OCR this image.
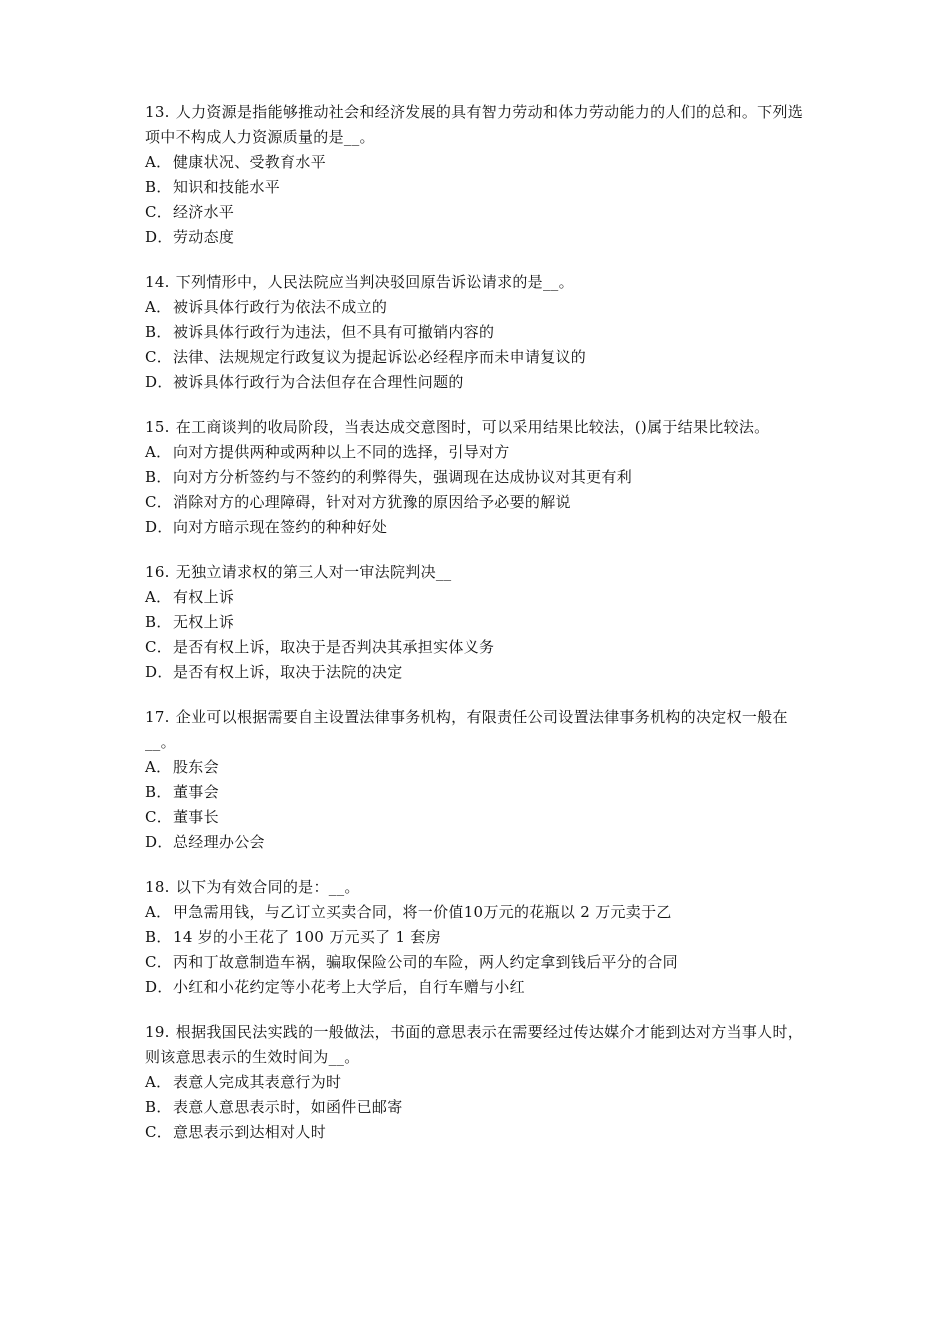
13. 人力资源是指能够推动社会和经济发展的具有智力劳动和体力劳动能力的人们的总和。下列选项中不构成人力资源质量的是__。

A． 健康状况、受教育水平

B．知识和技能水平

C．经济水平

D．劳动态度

14. 下列情形中，人民法院应当判决驳回原告诉讼请求的是__。

A． 被诉具体行政行为依法不成立的

B．被诉具体行政行为违法，但不具有可撤销内容的

C．法律、法规规定行政复议为提起诉讼必经程序而未申请复议的

D．被诉具体行政行为合法但存在合理性问题的

15. 在工商谈判的收局阶段，当表达成交意图时，可以采用结果比较法，()属于结果比较法。

A． 向对方提供两种或两种以上不同的选择，引导对方

B．向对方分析签约与不签约的利弊得失，强调现在达成协议对其更有利

C．消除对方的心理障碍，针对对方犹豫的原因给予必要的解说

D．向对方暗示现在签约的种种好处

16. 无独立请求权的第三人对一审法院判决__

A． 有权上诉

B．无权上诉

C．是否有权上诉，取决于是否判决其承担实体义务

D．是否有权上诉，取决于法院的决定

17. 企业可以根据需要自主设置法律事务机构，有限责任公司设置法律事务机构的决定权一般在__。

A． 股东会

B．董事会

C．董事长

D．总经理办公会

18. 以下为有效合同的是：__。

A． 甲急需用钱，与乙订立买卖合同，将一价值10万元的花瓶以 2 万元卖于乙

B．14 岁的小王花了 100 万元买了 1 套房

C．丙和丁故意制造车祸，骗取保险公司的车险，两人约定拿到钱后平分的合同

D．小红和小花约定等小花考上大学后，自行车赠与小红

19. 根据我国民法实践的一般做法，书面的意思表示在需要经过传达媒介才能到达对方当事人时，则该意思表示的生效时间为__。

A． 表意人完成其表意行为时

B．表意人意思表示时，如函件已邮寄

C．意思表示到达相对人时
